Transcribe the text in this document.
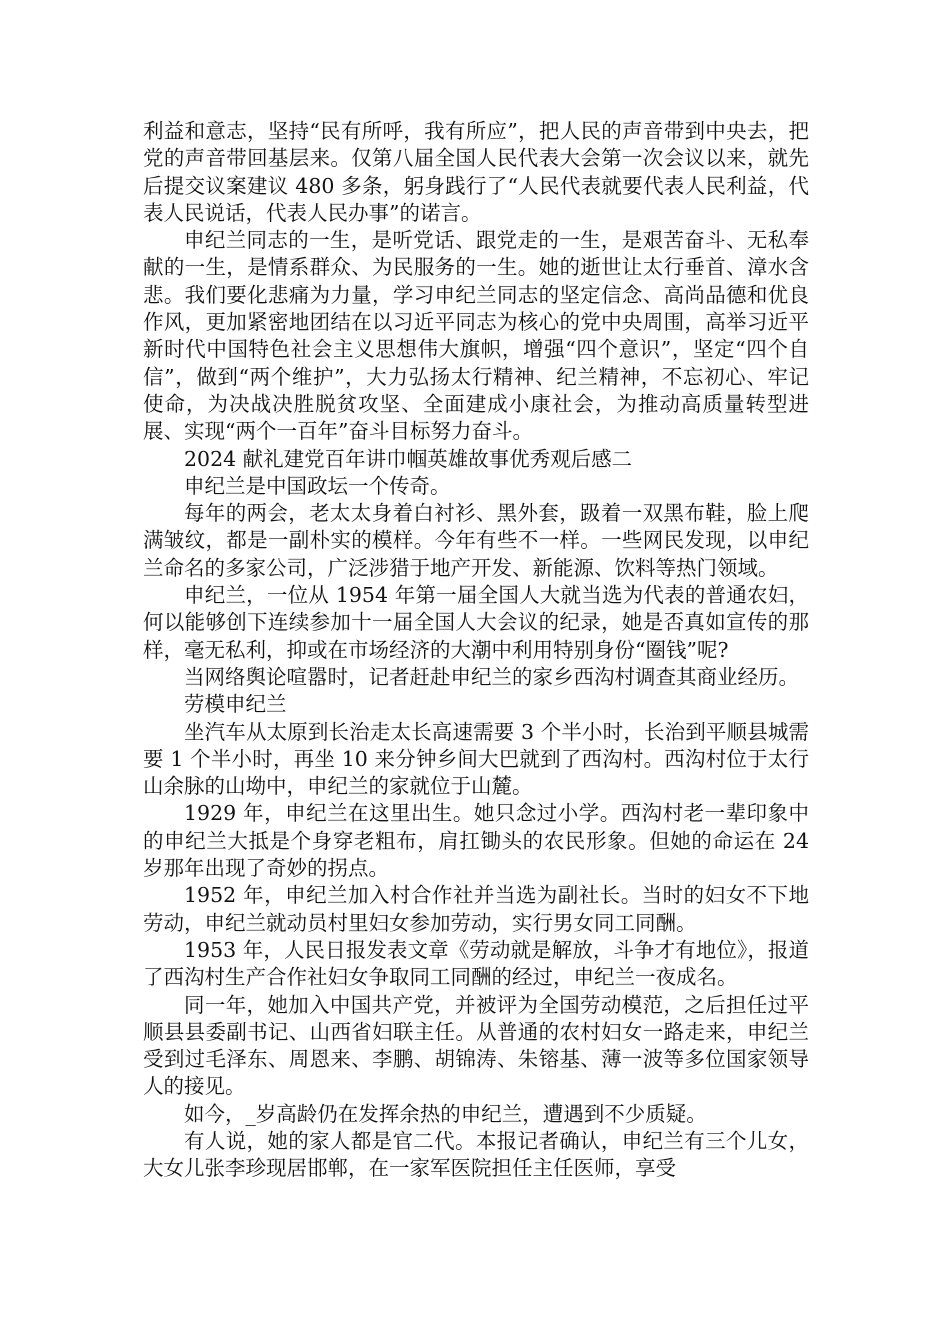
利益和意志，坚持“民有所呼，我有所应”，把人民的声音带到中央去，把党的声音带回基层来。仅第八届全国人民代表大会第一次会议以来，就先后提交议案建议 480 多条，躬身践行了“人民代表就要代表人民利益，代表人民说话，代表人民办事”的诺言。

申纪兰同志的一生，是听党话、跟党走的一生，是艰苦奋斗、无私奉献的一生，是情系群众、为民服务的一生。她的逝世让太行垂首、漳水含悲。我们要化悲痛为力量，学习申纪兰同志的坚定信念、高尚品德和优良作风，更加紧密地团结在以习近平同志为核心的党中央周围，高举习近平新时代中国特色社会主义思想伟大旗帜，增强“四个意识”，坚定“四个自信”，做到“两个维护”，大力弘扬太行精神、纪兰精神，不忘初心、牢记使命，为决战决胜脱贫攻坚、全面建成小康社会，为推动高质量转型进展、实现“两个一百年”奋斗目标努力奋斗。

2024 献礼建党百年讲巾帼英雄故事优秀观后感二

申纪兰是中国政坛一个传奇。

每年的两会，老太太身着白衬衫、黑外套，趿着一双黑布鞋，脸上爬满皱纹，都是一副朴实的模样。今年有些不一样。一些网民发现，以申纪兰命名的多家公司，广泛涉猎于地产开发、新能源、饮料等热门领域。

申纪兰，一位从 1954 年第一届全国人大就当选为代表的普通农妇，何以能够创下连续参加十一届全国人大会议的纪录，她是否真如宣传的那样，毫无私利，抑或在市场经济的大潮中利用特别身份“圈钱”呢?

当网络舆论喧嚣时，记者赶赴申纪兰的家乡西沟村调查其商业经历。

劳模申纪兰

坐汽车从太原到长治走太长高速需要 3 个半小时，长治到平顺县城需要 1 个半小时，再坐 10 来分钟乡间大巴就到了西沟村。西沟村位于太行山余脉的山坳中，申纪兰的家就位于山麓。

1929 年，申纪兰在这里出生。她只念过小学。西沟村老一辈印象中的申纪兰大抵是个身穿老粗布，肩扛锄头的农民形象。但她的命运在 24 岁那年出现了奇妙的拐点。

1952 年，申纪兰加入村合作社并当选为副社长。当时的妇女不下地劳动，申纪兰就动员村里妇女参加劳动，实行男女同工同酬。

1953 年，人民日报发表文章《劳动就是解放，斗争才有地位》，报道了西沟村生产合作社妇女争取同工同酬的经过，申纪兰一夜成名。

同一年，她加入中国共产党，并被评为全国劳动模范，之后担任过平顺县县委副书记、山西省妇联主任。从普通的农村妇女一路走来，申纪兰受到过毛泽东、周恩来、李鹏、胡锦涛、朱镕基、薄一波等多位国家领导人的接见。

如今，_岁高龄仍在发挥余热的申纪兰，遭遇到不少质疑。

有人说，她的家人都是官二代。本报记者确认，申纪兰有三个儿女，大女儿张李珍现居邯郸，在一家军医院担任主任医师，享受
